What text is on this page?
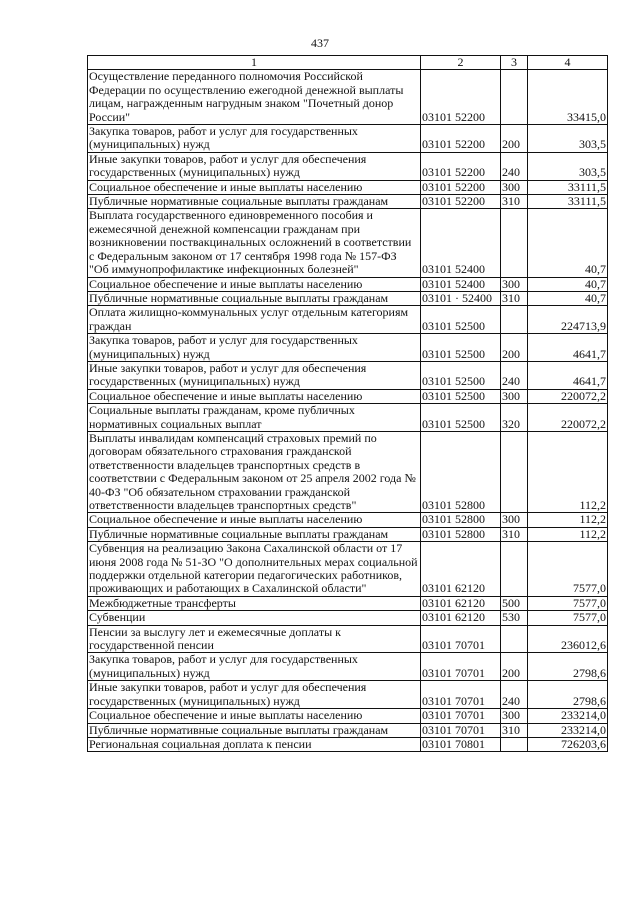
437
1	2	3	4
Осуществление переданного полномочия Российской Федерации по осуществлению ежегодной денежной выплаты лицам, награжденным нагрудным знаком "Почетный донор России"	03101 52200		33415,0
Закупка товаров, работ и услуг для государственных (муниципальных) нужд	03101 52200	200	303,5
Иные закупки товаров, работ и услуг для обеспечения государственных (муниципальных) нужд	03101 52200	240	303,5
Социальное обеспечение и иные выплаты населению	03101 52200	300	33111,5
Публичные нормативные социальные выплаты гражданам	03101 52200	310	33111,5
Выплата государственного единовременного пособия и ежемесячной денежной компенсации гражданам при возникновении поствакцинальных осложнений в соответствии с Федеральным законом от 17 сентября 1998 года № 157-ФЗ "Об иммунопрофилактике инфекционных болезней"	03101 52400		40,7
Социальное обеспечение и иные выплаты населению	03101 52400	300	40,7
Публичные нормативные социальные выплаты гражданам	03101 · 52400	310	40,7
Оплата жилищно-коммунальных услуг отдельным категориям граждан	03101 52500		224713,9
Закупка товаров, работ и услуг для государственных (муниципальных) нужд	03101 52500	200	4641,7
Иные закупки товаров, работ и услуг для обеспечения государственных (муниципальных) нужд	03101 52500	240	4641,7
Социальное обеспечение и иные выплаты населению	03101 52500	300	220072,2
Социальные выплаты гражданам, кроме публичных нормативных социальных выплат	03101 52500	320	220072,2
Выплаты инвалидам компенсаций страховых премий по договорам обязательного страхования гражданской ответственности владельцев транспортных средств в соответствии с Федеральным законом от 25 апреля 2002 года № 40-ФЗ "Об обязательном страховании гражданской ответственности владельцев транспортных средств"	03101 52800		112,2
Социальное обеспечение и иные выплаты населению	03101 52800	300	112,2
Публичные нормативные социальные выплаты гражданам	03101 52800	310	112,2
Субвенция на реализацию Закона Сахалинской области от 17 июня 2008 года № 51-ЗО "О дополнительных мерах социальной поддержки отдельной категории педагогических работников, проживающих и работающих в Сахалинской области"	03101 62120		7577,0
Межбюджетные трансферты	03101 62120	500	7577,0
Субвенции	03101 62120	530	7577,0
Пенсии за выслугу лет и ежемесячные доплаты к государственной пенсии	03101 70701		236012,6
Закупка товаров, работ и услуг для государственных (муниципальных) нужд	03101 70701	200	2798,6
Иные закупки товаров, работ и услуг для обеспечения государственных (муниципальных) нужд	03101 70701	240	2798,6
Социальное обеспечение и иные выплаты населению	03101 70701	300	233214,0
Публичные нормативные социальные выплаты гражданам	03101 70701	310	233214,0
Региональная социальная доплата к пенсии	03101 70801		726203,6
